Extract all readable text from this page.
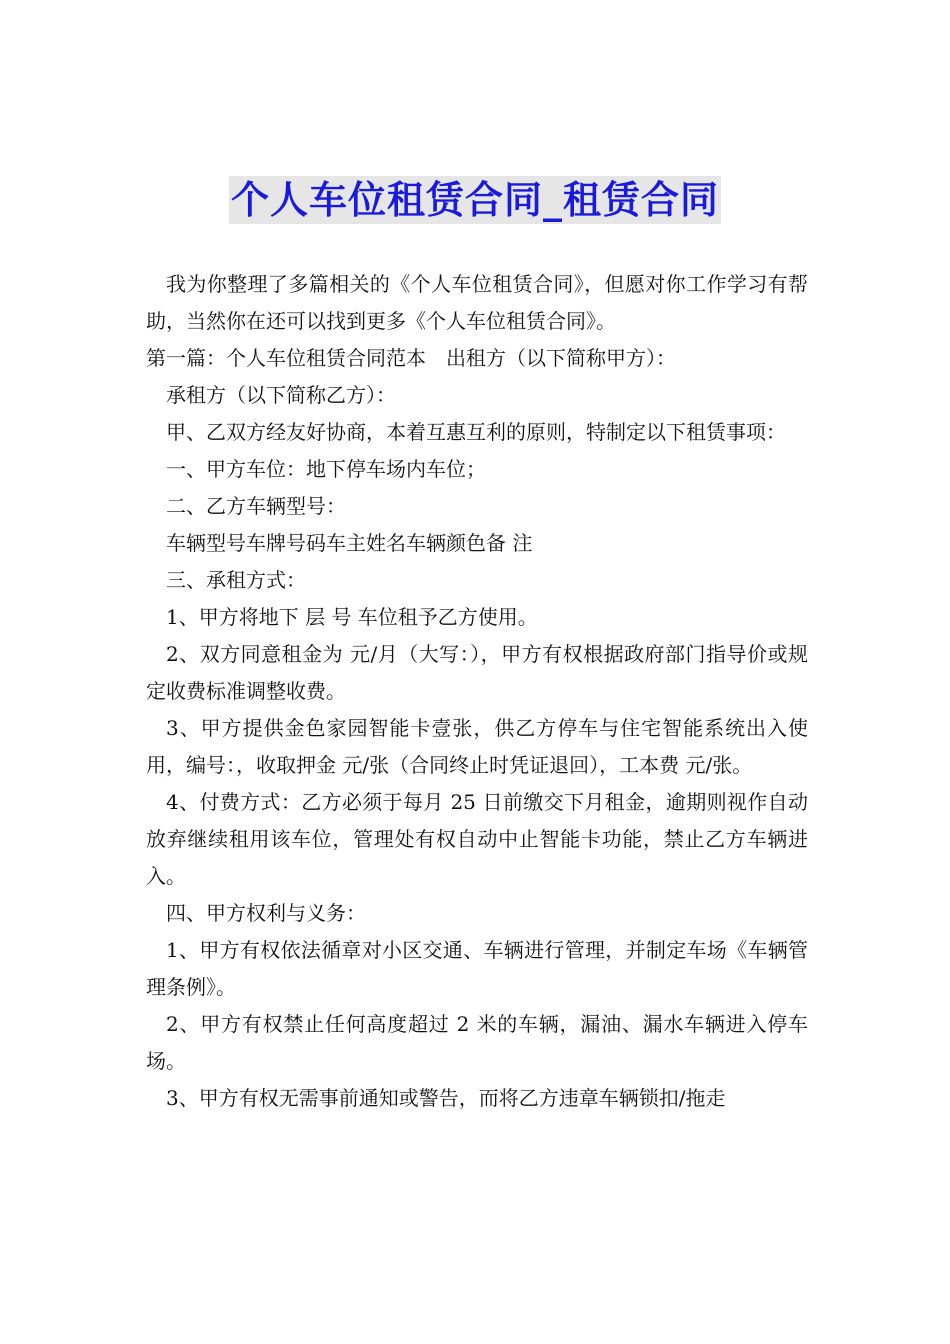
个人车位租赁合同_租赁合同

我为你整理了多篇相关的《个人车位租赁合同》，但愿对你工作学习有帮助，当然你在还可以找到更多《个人车位租赁合同》。

第一篇：个人车位租赁合同范本　出租方（以下简称甲方）：

承租方（以下简称乙方）：

甲、乙双方经友好协商，本着互惠互利的原则，特制定以下租赁事项：

一、甲方车位：地下停车场内车位；

二、乙方车辆型号：

车辆型号车牌号码车主姓名车辆颜色备 注

三、承租方式：

1、甲方将地下 层 号 车位租予乙方使用。

2、双方同意租金为 元/月（大写：），甲方有权根据政府部门指导价或规定收费标准调整收费。

3、甲方提供金色家园智能卡壹张，供乙方停车与住宅智能系统出入使用，编号：，收取押金 元/张（合同终止时凭证退回），工本费 元/张。

4、付费方式：乙方必须于每月 25 日前缴交下月租金，逾期则视作自动放弃继续租用该车位，管理处有权自动中止智能卡功能，禁止乙方车辆进入。

四、甲方权利与义务：

1、甲方有权依法循章对小区交通、车辆进行管理，并制定车场《车辆管理条例》。

2、甲方有权禁止任何高度超过 2 米的车辆，漏油、漏水车辆进入停车场。

3、甲方有权无需事前通知或警告，而将乙方违章车辆锁扣/拖走
